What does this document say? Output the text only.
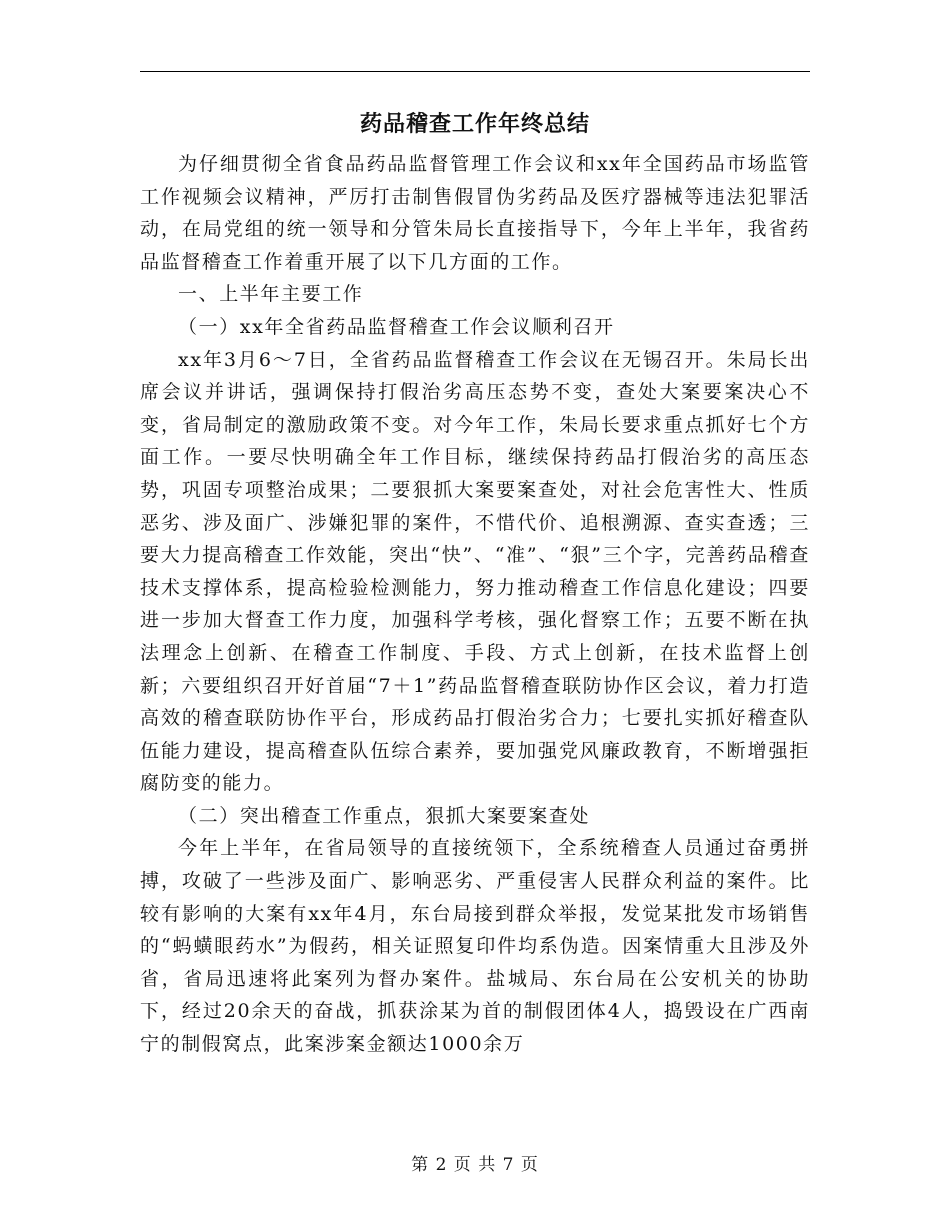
药品稽查工作年终总结

为仔细贯彻全省食品药品监督管理工作会议和xx年全国药品市场监管工作视频会议精神，严厉打击制售假冒伪劣药品及医疗器械等违法犯罪活动，在局党组的统一领导和分管朱局长直接指导下，今年上半年，我省药品监督稽查工作着重开展了以下几方面的工作。

一、上半年主要工作

（一）xx年全省药品监督稽查工作会议顺利召开

xx年3月6～7日，全省药品监督稽查工作会议在无锡召开。朱局长出席会议并讲话，强调保持打假治劣高压态势不变，查处大案要案决心不变，省局制定的激励政策不变。对今年工作，朱局长要求重点抓好七个方面工作。一要尽快明确全年工作目标，继续保持药品打假治劣的高压态势，巩固专项整治成果；二要狠抓大案要案查处，对社会危害性大、性质恶劣、涉及面广、涉嫌犯罪的案件，不惜代价、追根溯源、查实查透；三要大力提高稽查工作效能，突出“快”、“准”、“狠”三个字，完善药品稽查技术支撑体系，提高检验检测能力，努力推动稽查工作信息化建设；四要进一步加大督查工作力度，加强科学考核，强化督察工作；五要不断在执法理念上创新、在稽查工作制度、手段、方式上创新，在技术监督上创新；六要组织召开好首届“7＋1”药品监督稽查联防协作区会议，着力打造高效的稽查联防协作平台，形成药品打假治劣合力；七要扎实抓好稽查队伍能力建设，提高稽查队伍综合素养，要加强党风廉政教育，不断增强拒腐防变的能力。

（二）突出稽查工作重点，狠抓大案要案查处

今年上半年，在省局领导的直接统领下，全系统稽查人员通过奋勇拼搏，攻破了一些涉及面广、影响恶劣、严重侵害人民群众利益的案件。比较有影响的大案有xx年4月，东台局接到群众举报，发觉某批发市场销售的“蚂蟥眼药水”为假药，相关证照复印件均系伪造。因案情重大且涉及外省，省局迅速将此案列为督办案件。盐城局、东台局在公安机关的协助下，经过20余天的奋战，抓获涂某为首的制假团体4人，捣毁设在广西南宁的制假窝点，此案涉案金额达1000余万

第 2 页 共 7 页
